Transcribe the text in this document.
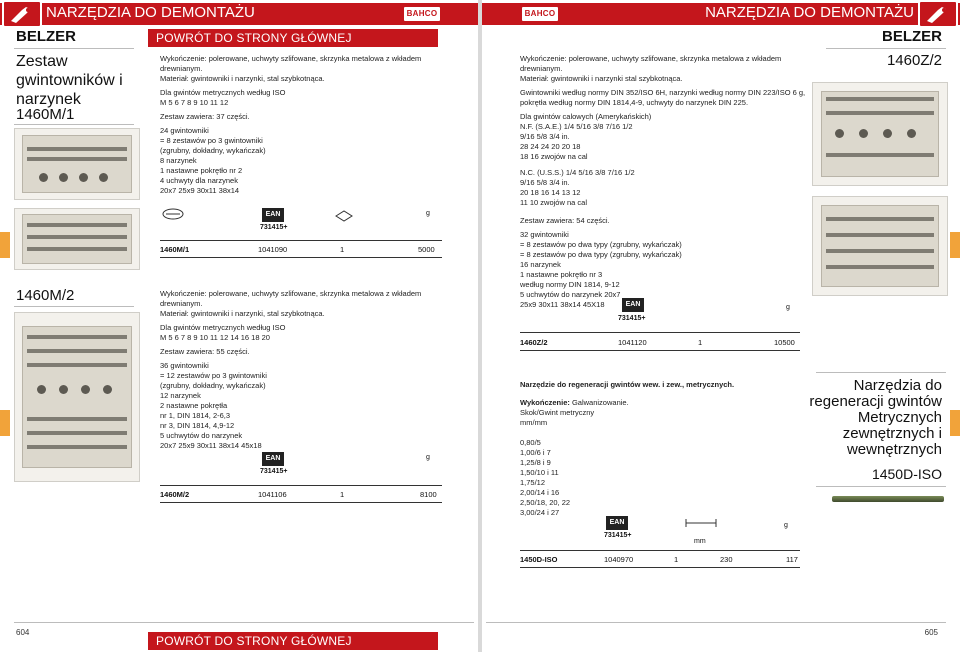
NARZĘDZIA DO DEMONTAŻU	BAHCO
BELZER	POWRÓT DO STRONY GŁÓWNEJ
Zestaw gwintowników i narzynek
1460M/1

Wykończenie: polerowane, uchwyty szlifowane, skrzynka metalowa z wkładem drewnianym.
Materiał: gwintowniki i narzynki, stal szybkotnąca.

Dla gwintów metrycznych według ISO
M 5 6 7 8 9 10 11 12

Zestaw zawiera: 37 części.

24 gwintowniki
= 8 zestawów po 3 gwintowniki
(zgrubny, dokładny, wykańczak)
8 narzynek
1 nastawne pokrętło nr 2
4 uchwyty dla narzynek
20x7 25x9 30x11 38x14
EAN
731415+
g
1460M/1	1041090	1	5000
1460M/2	Wykończenie: polerowane, uchwyty szlifowane, skrzynka metalowa z wkładem drewnianym.
Materiał: gwintowniki i narzynki, stal szybkotnąca.

Dla gwintów metrycznych według ISO
M 5 6 7 8 9 10 11 12 14 16 18 20

Zestaw zawiera: 55 części.

36 gwintowniki
= 12 zestawów po 3 gwintowniki
(zgrubny, dokładny, wykańczak)
12 narzynek
2 nastawne pokrętła
nr 1, DIN 1814, 2-6,3
nr 3, DIN 1814, 4,9-12
5 uchwytów do narzynek
20x7 25x9 30x11 38x14 45x18
EAN
731415+
g
1460M/2	1041106	1	8100
604
POWRÓT DO STRONY GŁÓWNEJ
NARZĘDZIA DO DEMONTAŻU
BAHCO
BELZER
1460Z/2

Wykończenie: polerowane, uchwyty szlifowane, skrzynka metalowa z wkładem drewnianym.
Materiał: gwintowniki i narzynki stal szybkotnąca.

Gwintowniki według normy DIN 352/ISO 6H, narzynki według normy DIN 223/ISO 6 g, pokrętła według normy DIN 1814,4-9, uchwyty do narzynek DIN 225.

Dla gwintów calowych (Amerykańskich)
N.F. (S.A.E.) 1/4 5/16 3/8 7/16 1/2
9/16 5/8 3/4 in.
28 24 24 20 20 18
18 16 zwojów na cal
N.C. (U.S.S.) 1/4 5/16 3/8 7/16 1/2
9/16 5/8 3/4 in.
20 18 16 14 13 12
11 10 zwojów na cal

Zestaw zawiera: 54 części.

32 gwintowniki
= 8 zestawów po dwa typy (zgrubny, wykańczak)
= 8 zestawów po dwa typy (zgrubny, wykańczak)
16 narzynek
1 nastawne pokrętło nr 3
według normy DIN 1814, 9-12
5 uchwytów do narzynek 20x7
25x9 30x11 38x14 45X18	EAN
731415+
g
1460Z/2	1041120	1	10500
Narzędzia do
regeneracji gwintów
Metrycznych
zewnętrznych i
wewnętrznych
1450D-ISO

Narzędzie do regeneracji gwintów wew. i zew., metrycznych.

Wykończenie: Galwanizowanie.
Skok/Gwint metryczny
mm/mm
0,80/5
1,00/6 i 7
1,25/8 i 9
1,50/10 i 11
1,75/12
2,00/14 i 16
2,50/18, 20, 22
3,00/24 i 27
EAN
731415+
mm
g
1450D-ISO	1040970	1	230	117
605
